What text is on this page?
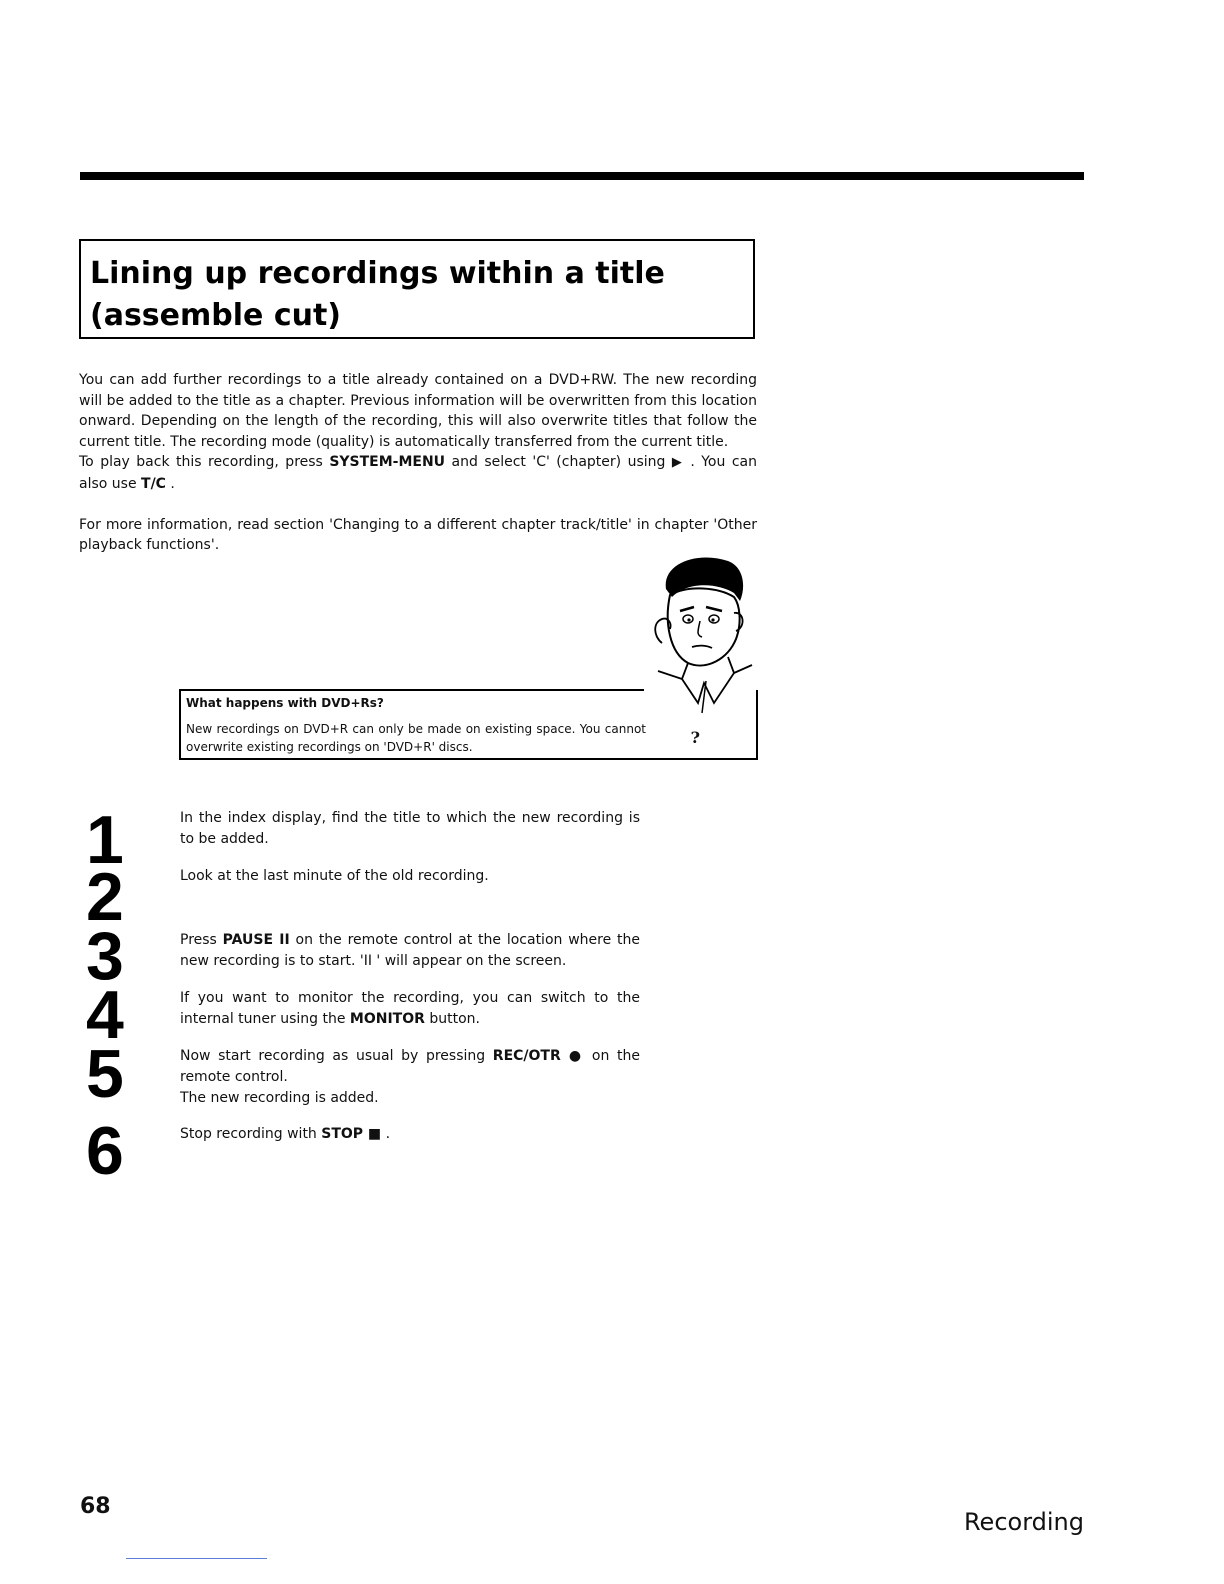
Lining up recordings within a title
(assemble cut)

You can add further recordings to a title already contained on a DVD+RW. The new recording will be added to the title as a chapter. Previous information will be overwritten from this location onward. Depending on the length of the recording, this will also overwrite titles that follow the current title. The recording mode (quality) is automatically transferred from the current title.

To play back this recording, press SYSTEM-MENU and select 'C' (chapter) using ▶ . You can also use T/C .

For more information, read section 'Changing to a different chapter track/title' in chapter 'Other playback functions'.

What happens with DVD+Rs?
New recordings on DVD+R can only be made on existing space. You cannot overwrite existing recordings on 'DVD+R' discs.	?
1
2
3
4
5
6
In the index display, find the title to which the new recording is to be added.
Look at the last minute of the old recording.
Press PAUSE II on the remote control at the location where the new recording is to start. 'II ' will appear on the screen.
If you want to monitor the recording, you can switch to the internal tuner using the MONITOR button.

Now start recording as usual by pressing REC/OTR ● on the remote control.

The new recording is added.

Stop recording with STOP ■ .
68
Recording
